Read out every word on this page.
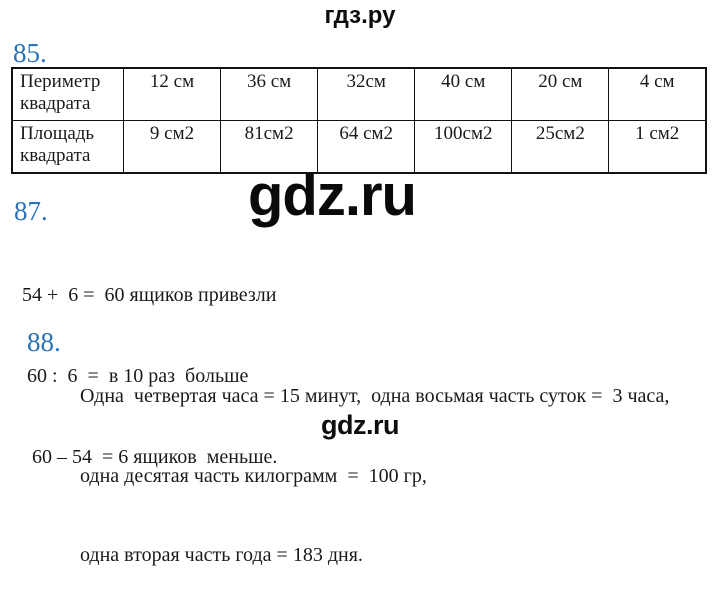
гдз.ру
85.
Периметр квадрата	12 см	36 см	32см	40 см	20 см	4 см
Площадь квадрата	9 см2	81см2	64 см2	100см2	25см2	1 см2
gdz.ru
87.

54 +  6 =  60 ящиков привезли

60 :  6  =  в 10 раз  больше

60 – 54  = 6 ящиков  меньше.

88.

Одна  четвертая часа = 15 минут,  одна восьмая часть суток =  3 часа,

одна десятая часть килограмм  =  100 гр,

одна вторая часть года = 183 дня.

gdz.ru
